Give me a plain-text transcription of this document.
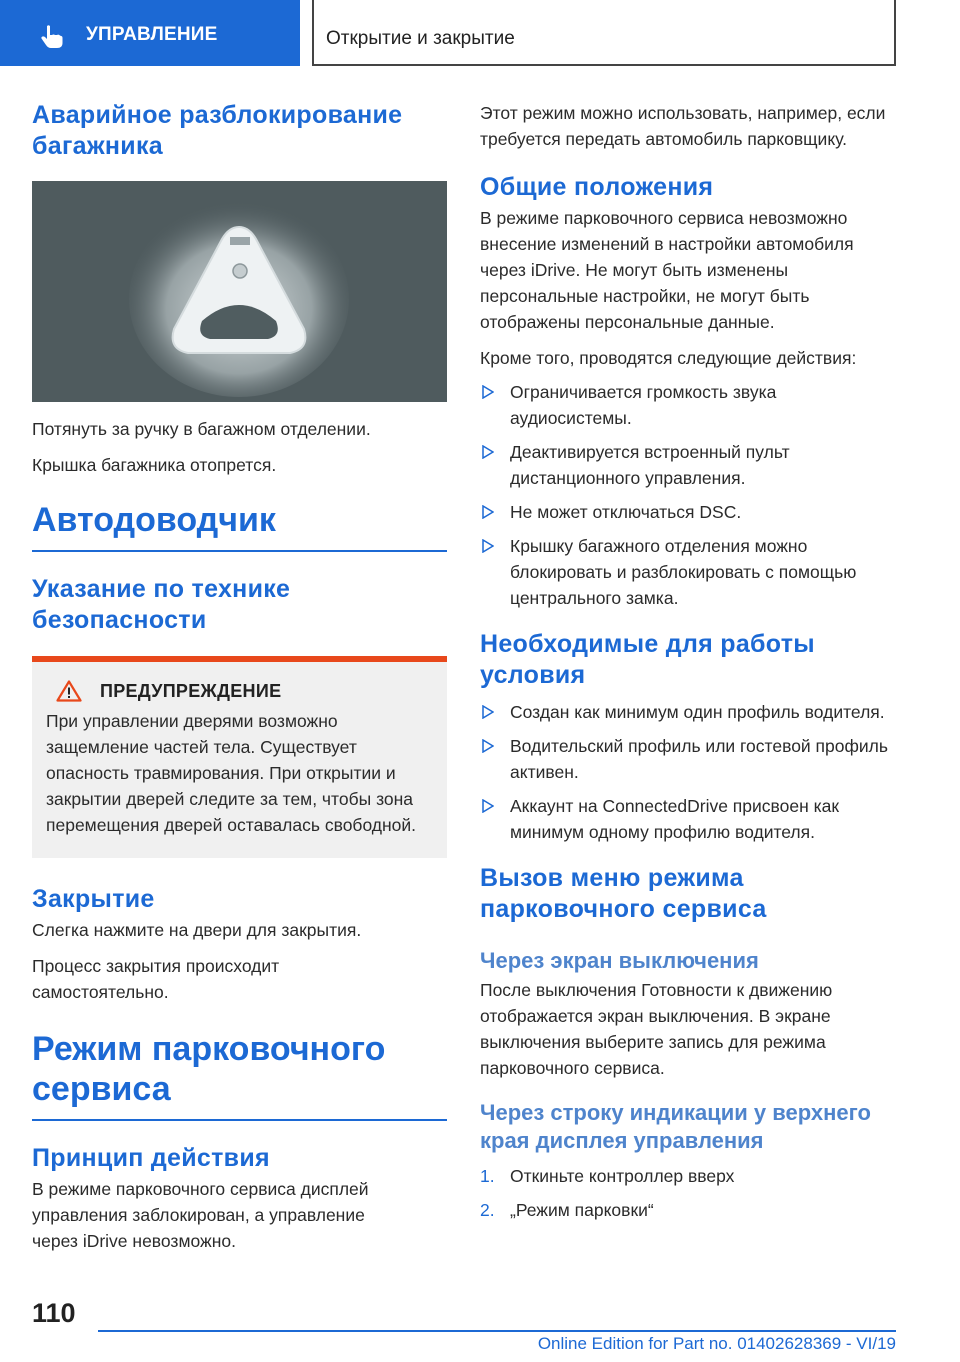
УПРАВЛЕНИЕ	Открытие и закрытие
Аварийное разблокирование багажника

Потянуть за ручку в багажном отделении.

Крышка багажника отопрется.

Автодоводчик
Указание по технике безопасности
ПРЕДУПРЕЖДЕНИЕ

При управлении дверями возможно защемление частей тела. Существует опасность травмирования. При открытии и закрытии дверей следите за тем, чтобы зона перемещения дверей оставалась свободной.

Закрытие

Слегка нажмите на двери для закрытия.

Процесс закрытия происходит самостоятельно.

Режим парковочного сервиса
Принцип действия

В режиме парковочного сервиса дисплей управления заблокирован, а управление через iDrive невозможно.

Этот режим можно использовать, например, если требуется передать автомобиль парковщику.

Общие положения

В режиме парковочного сервиса невозможно внесение изменений в настройки автомобиля через iDrive. Не могут быть изменены персональные настройки, не могут быть отображены персональные данные.

Кроме того, проводятся следующие действия:

Ограничивается громкость звука аудиосистемы.
Деактивируется встроенный пульт дистанционного управления.
Не может отключаться DSC.
Крышку багажного отделения можно блокировать и разблокировать с помощью центрального замка.
Необходимые для работы условия
Создан как минимум один профиль водителя.
Водительский профиль или гостевой профиль активен.
Аккаунт на ConnectedDrive присвоен как минимум одному профилю водителя.
Вызов меню режима парковочного сервиса
Через экран выключения

После выключения Готовности к движению отображается экран выключения. В экране выключения выберите запись для режима парковочного сервиса.

Через строку индикации у верхнего края дисплея управления
1. Откиньте контроллер вверх
2. „Режим парковки“
110
Online Edition for Part no. 01402628369 - VI/19
